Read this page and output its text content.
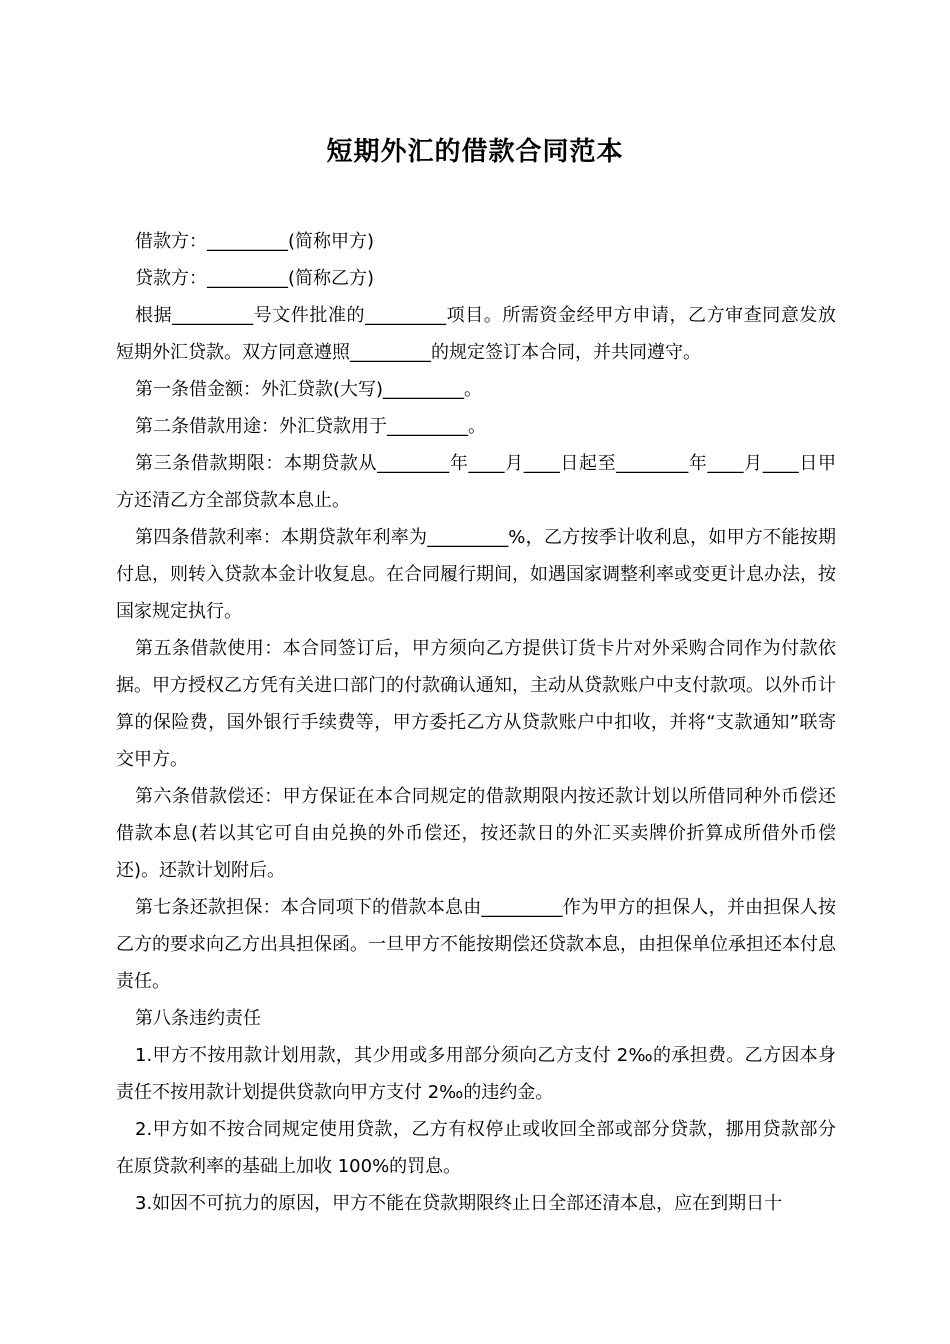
短期外汇的借款合同范本

借款方：_________(简称甲方)

贷款方：_________(简称乙方)

根据_________号文件批准的_________项目。所需资金经甲方申请，乙方审查同意发放短期外汇贷款。双方同意遵照_________的规定签订本合同，并共同遵守。

第一条借金额：外汇贷款(大写)_________。

第二条借款用途：外汇贷款用于_________。

第三条借款期限：本期贷款从________年____月____日起至________年____月____日甲方还清乙方全部贷款本息止。

第四条借款利率：本期贷款年利率为_________%，乙方按季计收利息，如甲方不能按期付息，则转入贷款本金计收复息。在合同履行期间，如遇国家调整利率或变更计息办法，按国家规定执行。

第五条借款使用：本合同签订后，甲方须向乙方提供订货卡片对外采购合同作为付款依据。甲方授权乙方凭有关进口部门的付款确认通知，主动从贷款账户中支付款项。以外币计算的保险费，国外银行手续费等，甲方委托乙方从贷款账户中扣收，并将“支款通知”联寄交甲方。

第六条借款偿还：甲方保证在本合同规定的借款期限内按还款计划以所借同种外币偿还借款本息(若以其它可自由兑换的外币偿还，按还款日的外汇买卖牌价折算成所借外币偿还)。还款计划附后。

第七条还款担保：本合同项下的借款本息由_________作为甲方的担保人，并由担保人按乙方的要求向乙方出具担保函。一旦甲方不能按期偿还贷款本息，由担保单位承担还本付息责任。

第八条违约责任

1.甲方不按用款计划用款，其少用或多用部分须向乙方支付 2‰的承担费。乙方因本身责任不按用款计划提供贷款向甲方支付 2‰的违约金。

2.甲方如不按合同规定使用贷款，乙方有权停止或收回全部或部分贷款，挪用贷款部分在原贷款利率的基础上加收 100%的罚息。

3.如因不可抗力的原因，甲方不能在贷款期限终止日全部还清本息，应在到期日十
